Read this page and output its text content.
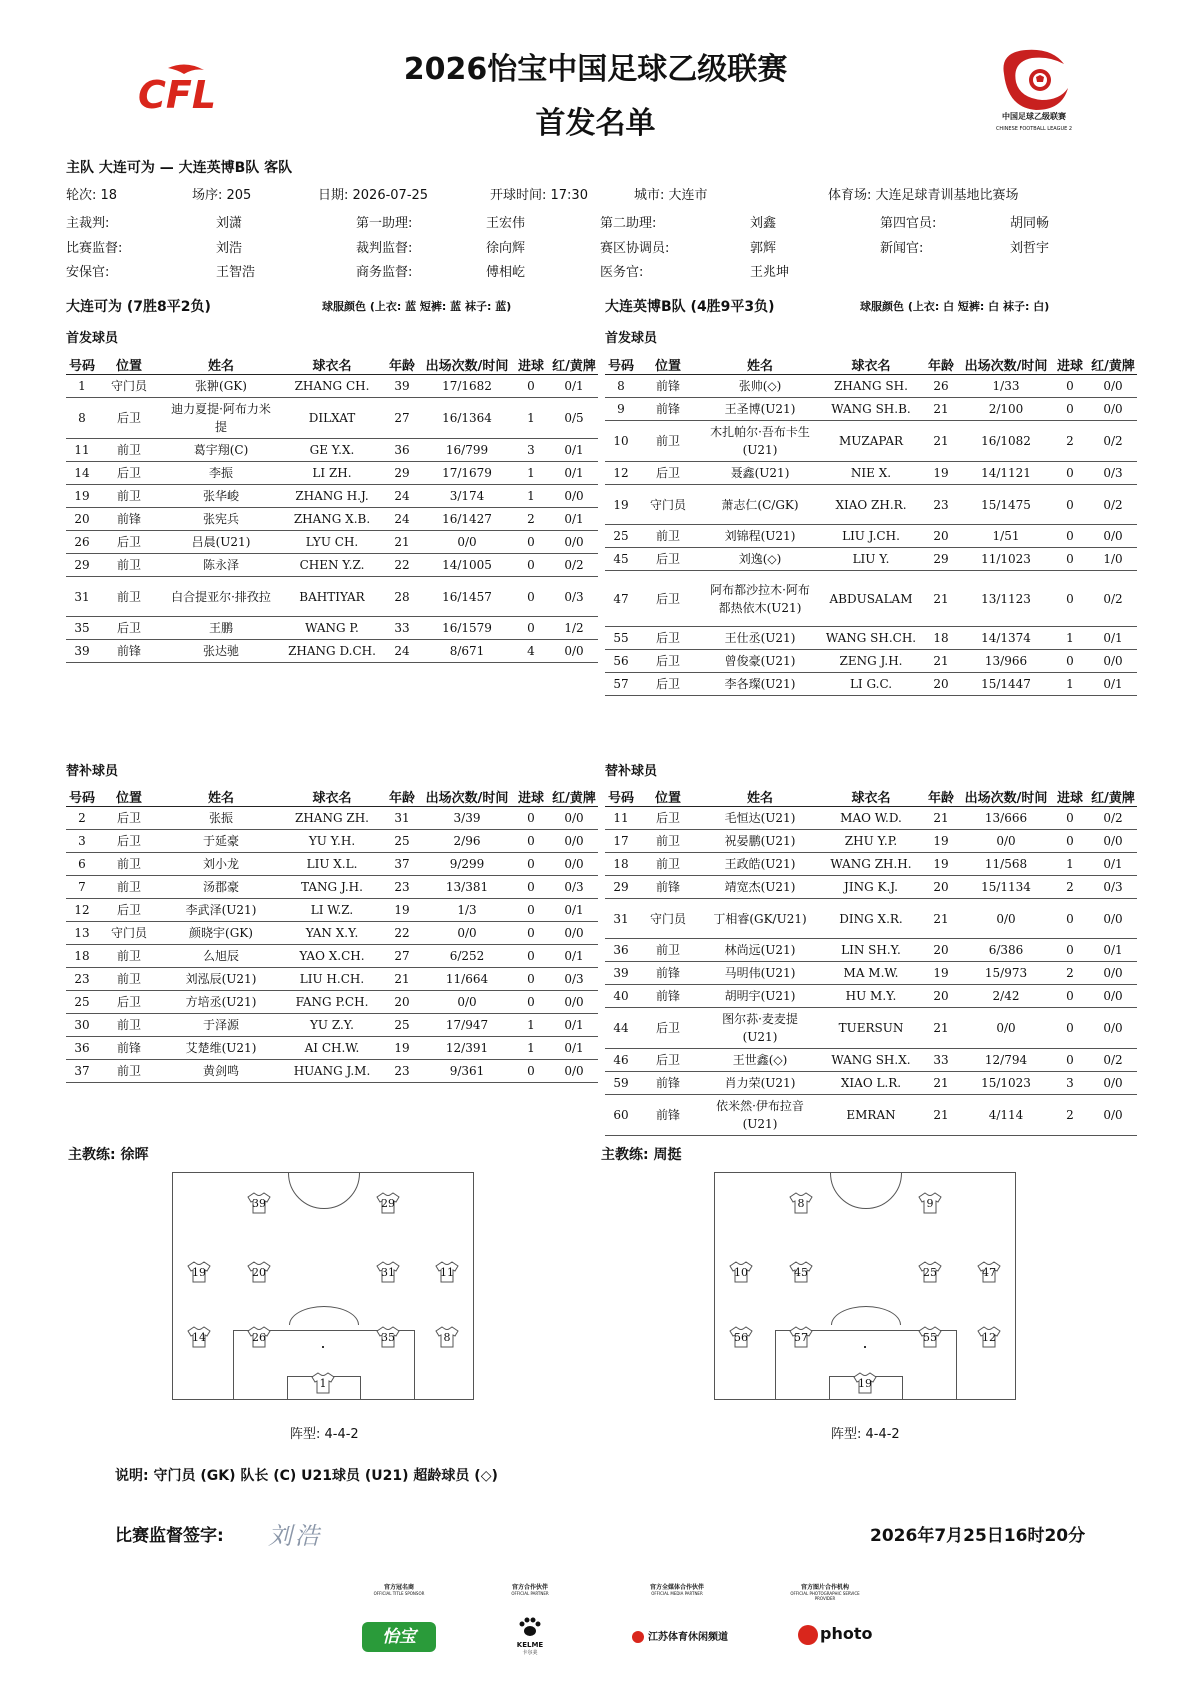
CFL
2026怡宝中国足球乙级联赛
首发名单	中国足球乙级联赛
CHINESE FOOTBALL LEAGUE 2
主队 大连可为 — 大连英博B队 客队
轮次: 18	场序: 205	日期: 2026-07-25	开球时间: 17:30	城市: 大连市	体育场: 大连足球青训基地比赛场
主裁判:	刘潇	第一助理:	王宏伟	第二助理:	刘鑫	第四官员:	胡同畅
比赛监督:	刘浩	裁判监督:	徐向辉	赛区协调员:	郭辉	新闻官:	刘哲宇
安保官:	王智浩	商务监督:	傅相屹	医务官:	王兆坤
大连可为 (7胜8平2负)	球服颜色 (上衣: 蓝 短裤: 蓝 袜子: 蓝)	大连英博B队 (4胜9平3负)	球服颜色 (上衣: 白 短裤: 白 袜子: 白)
首发球员	首发球员
号码	位置	姓名	球衣名	年龄	出场次数/时间	进球	红/黄牌
1	守门员	张翀(GK)	ZHANG CH.	39	17/1682	0	0/1
8	后卫	迪力夏提·阿布力米提	DILXAT	27	16/1364	1	0/5
11	前卫	葛宇翔(C)	GE Y.X.	36	16/799	3	0/1
14	后卫	李振	LI ZH.	29	17/1679	1	0/1
19	前卫	张华峻	ZHANG H.J.	24	3/174	1	0/0
20	前锋	张宪兵	ZHANG X.B.	24	16/1427	2	0/1
26	后卫	吕晨(U21)	LYU CH.	21	0/0	0	0/0
29	前卫	陈永泽	CHEN Y.Z.	22	14/1005	0	0/2
31	前卫	白合提亚尔·排孜拉	BAHTIYAR	28	16/1457	0	0/3
35	后卫	王鹏	WANG P.	33	16/1579	0	1/2
39	前锋	张达驰	ZHANG D.CH.	24	8/671	4	0/0
号码	位置	姓名	球衣名	年龄	出场次数/时间	进球	红/黄牌
8	前锋	张帅(◇)	ZHANG SH.	26	1/33	0	0/0
9	前锋	王圣博(U21)	WANG SH.B.	21	2/100	0	0/0
10	前卫	木扎帕尔·吾布卡生(U21)	MUZAPAR	21	16/1082	2	0/2
12	后卫	聂鑫(U21)	NIE X.	19	14/1121	0	0/3
19	守门员	萧志仁(C/GK)	XIAO ZH.R.	23	15/1475	0	0/2
25	前卫	刘锦程(U21)	LIU J.CH.	20	1/51	0	0/0
45	后卫	刘逸(◇)	LIU Y.	29	11/1023	0	1/0
47	后卫	阿布都沙拉木·阿布都热依木(U21)	ABDUSALAM	21	13/1123	0	0/2
55	后卫	王仕丞(U21)	WANG SH.CH.	18	14/1374	1	0/1
56	后卫	曾俊豪(U21)	ZENG J.H.	21	13/966	0	0/0
57	后卫	李各璨(U21)	LI G.C.	20	15/1447	1	0/1
替补球员	替补球员
号码	位置	姓名	球衣名	年龄	出场次数/时间	进球	红/黄牌
2	后卫	张振	ZHANG ZH.	31	3/39	0	0/0
3	后卫	于延豪	YU Y.H.	25	2/96	0	0/0
6	前卫	刘小龙	LIU X.L.	37	9/299	0	0/0
7	前卫	汤郡豪	TANG J.H.	23	13/381	0	0/3
12	后卫	李武泽(U21)	LI W.Z.	19	1/3	0	0/1
13	守门员	颜晓宇(GK)	YAN X.Y.	22	0/0	0	0/0
18	前卫	么旭辰	YAO X.CH.	27	6/252	0	0/1
23	前卫	刘泓辰(U21)	LIU H.CH.	21	11/664	0	0/3
25	后卫	方培丞(U21)	FANG P.CH.	20	0/0	0	0/0
30	前卫	于泽源	YU Z.Y.	25	17/947	1	0/1
36	前锋	艾楚维(U21)	AI CH.W.	19	12/391	1	0/1
37	前卫	黄剑鸣	HUANG J.M.	23	9/361	0	0/0
号码	位置	姓名	球衣名	年龄	出场次数/时间	进球	红/黄牌
11	后卫	毛恒达(U21)	MAO W.D.	21	13/666	0	0/2
17	前卫	祝晏鹏(U21)	ZHU Y.P.	19	0/0	0	0/0
18	前卫	王政皓(U21)	WANG ZH.H.	19	11/568	1	0/1
29	前锋	靖宽杰(U21)	JING K.J.	20	15/1134	2	0/3
31	守门员	丁相睿(GK/U21)	DING X.R.	21	0/0	0	0/0
36	前卫	林尚远(U21)	LIN SH.Y.	20	6/386	0	0/1
39	前锋	马明伟(U21)	MA M.W.	19	15/973	2	0/0
40	前锋	胡明宇(U21)	HU M.Y.	20	2/42	0	0/0
44	后卫	图尔荪·麦麦提(U21)	TUERSUN	21	0/0	0	0/0
46	后卫	王世鑫(◇)	WANG SH.X.	33	12/794	0	0/2
59	前锋	肖力荣(U21)	XIAO L.R.	21	15/1023	3	0/0
60	前锋	依米然·伊布拉音(U21)	EMRAN	21	4/114	2	0/0
主教练: 徐晖	主教练: 周挺
39	29
19	20	31	11
14	26	35	8
1
8	9
10	45	25	47
56	57	55	12
19
阵型: 4-4-2	阵型: 4-4-2
说明: 守门员 (GK) 队长 (C) U21球员 (U21) 超龄球员 (◇)
比赛监督签字: 刘浩	2026年7月25日16时20分
官方冠名商
OFFICIAL TITLE SPONSOR
官方合作伙伴
OFFICIAL PARTNER
官方全媒体合作伙伴
OFFICIAL MEDIA PARTNER
官方图片合作机构
OFFICIAL PHOTOGRAPHIC SERVICE PROVIDER
怡宝	KELME
卡尔美
江苏体育休闲频道	photo
